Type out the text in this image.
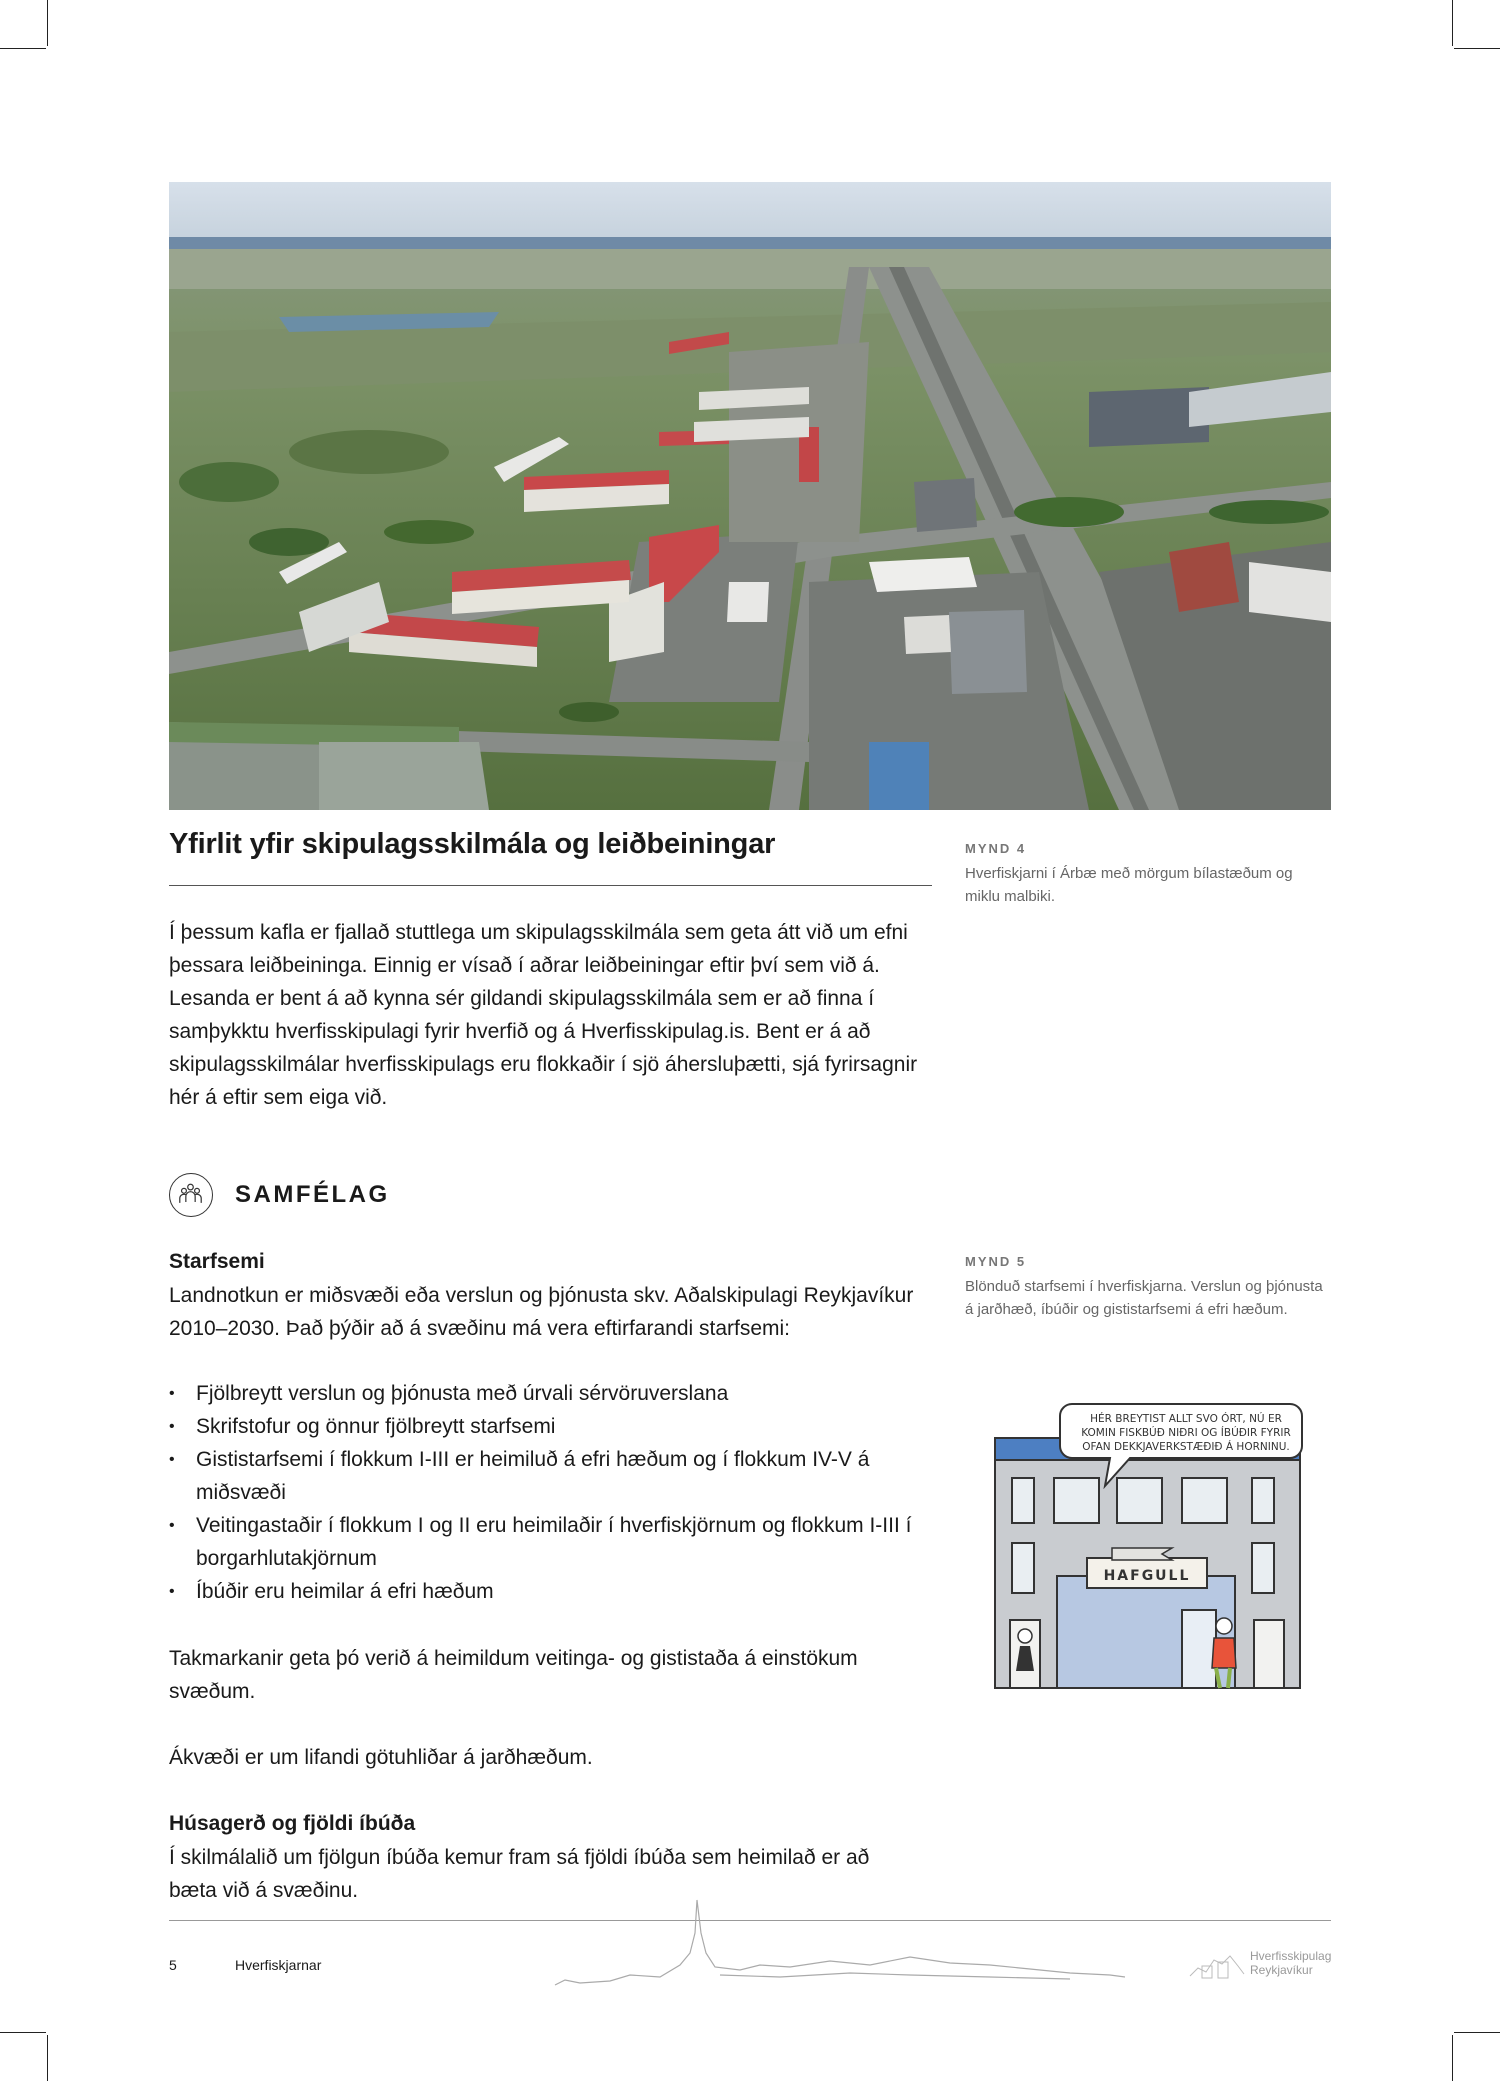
MYND 4
Hverfiskjarni í Árbæ með mörgum bílastæðum og miklu malbiki.
Yfirlit yfir skipulagsskilmála og leiðbeiningar
Í þessum kafla er fjallað stuttlega um skipulagsskilmála sem geta átt við um efni þessara leiðbeininga. Einnig er vísað í aðrar leiðbeiningar eftir því sem við á. Lesanda er bent á að kynna sér gildandi skipulagsskilmála sem er að finna í samþykktu hverfisskipulagi fyrir hverfið og á Hverfisskipulag.is. Bent er á að skipulagsskilmálar hverfisskipulags eru flokkaðir í sjö áhersluþætti, sjá fyrirsagnir hér á eftir sem eiga við.
SAMFÉLAG
Starfsemi
Landnotkun er miðsvæði eða verslun og þjónusta skv. Aðalskipulagi Reykjavíkur 2010–2030. Það þýðir að á svæðinu má vera eftirfarandi starfsemi:
• Fjölbreytt verslun og þjónusta með úrvali sérvöruverslana
• Skrifstofur og önnur fjölbreytt starfsemi
• Gististarfsemi í flokkum I-III er heimiluð á efri hæðum og í flokkum IV-V á miðsvæði
• Veitingastaðir í flokkum I og II eru heimilaðir í hverfiskjörnum og flokkum I-III í borgarhlutakjörnum
• Íbúðir eru heimilar á efri hæðum
Takmarkanir geta þó verið á heimildum veitinga- og gististaða á einstökum svæðum.
Ákvæði er um lifandi götuhliðar á jarðhæðum.
Húsagerð og fjöldi íbúða
Í skilmálalið um fjölgun íbúða kemur fram sá fjöldi íbúða sem heimilað er að bæta við á svæðinu.
MYND 5
Blönduð starfsemi í hverfiskjarna. Verslun og þjónusta á jarðhæð, íbúðir og gististarfsemi á efri hæðum.
HÉR BREYTIST ALLT SVO ÓRT, NÚ ER
KOMIN FISKBÚÐ NIÐRI OG ÍBÚÐIR FYRIR
OFAN DEKKJAVERKSTÆÐIÐ Á HORNINU.
HAFGULL
5	Hverfiskjarnar
Hverfisskipulag
Reykjavíkur
